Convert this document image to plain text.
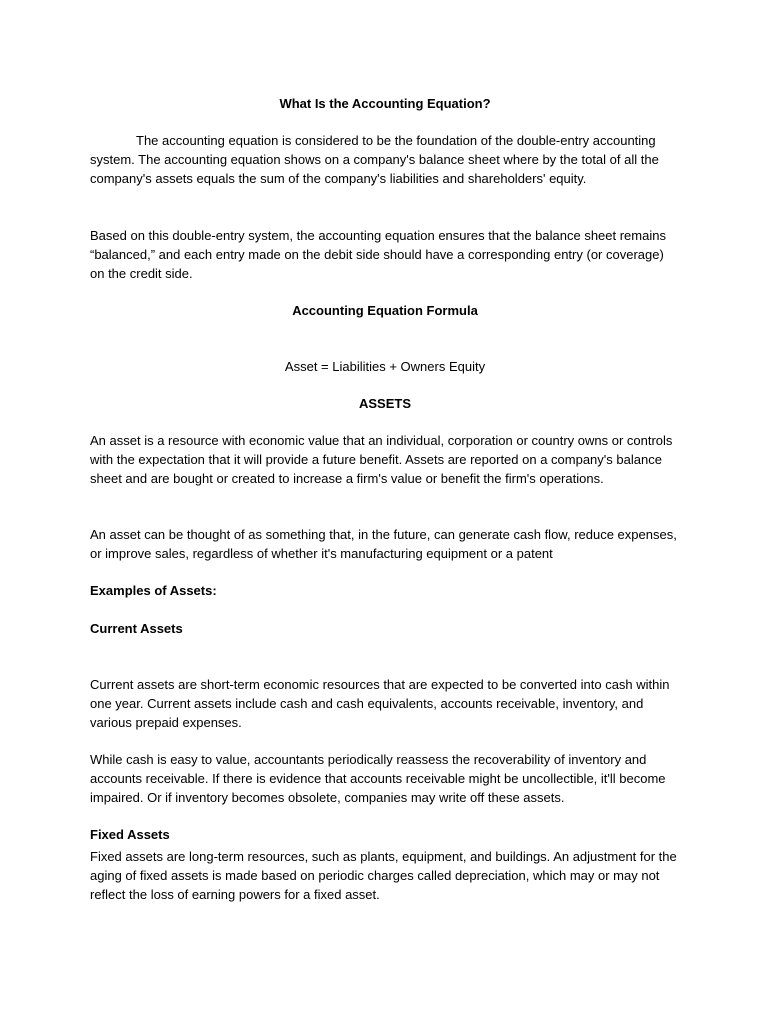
What Is the Accounting Equation?

The accounting equation is considered to be the foundation of the double-entry accounting system. The accounting equation shows on a company's balance sheet where by the total of all the company's assets equals the sum of the company's liabilities and shareholders' equity.

Based on this double-entry system, the accounting equation ensures that the balance sheet remains “balanced,” and each entry made on the debit side should have a corresponding entry (or coverage) on the credit side.

Accounting Equation Formula

Asset = Liabilities + Owners Equity

ASSETS

An asset is a resource with economic value that an individual, corporation or country owns or controls with the expectation that it will provide a future benefit. Assets are reported on a company's balance sheet and are bought or created to increase a firm's value or benefit the firm's operations.

An asset can be thought of as something that, in the future, can generate cash flow, reduce expenses, or improve sales, regardless of whether it's manufacturing equipment or a patent

Examples of Assets:

Current Assets

Current assets are short-term economic resources that are expected to be converted into cash within one year. Current assets include cash and cash equivalents, accounts receivable, inventory, and various prepaid expenses.

While cash is easy to value, accountants periodically reassess the recoverability of inventory and accounts receivable. If there is evidence that accounts receivable might be uncollectible, it'll become impaired. Or if inventory becomes obsolete, companies may write off these assets.

Fixed Assets

Fixed assets are long-term resources, such as plants, equipment, and buildings. An adjustment for the aging of fixed assets is made based on periodic charges called depreciation, which may or may not reflect the loss of earning powers for a fixed asset.
